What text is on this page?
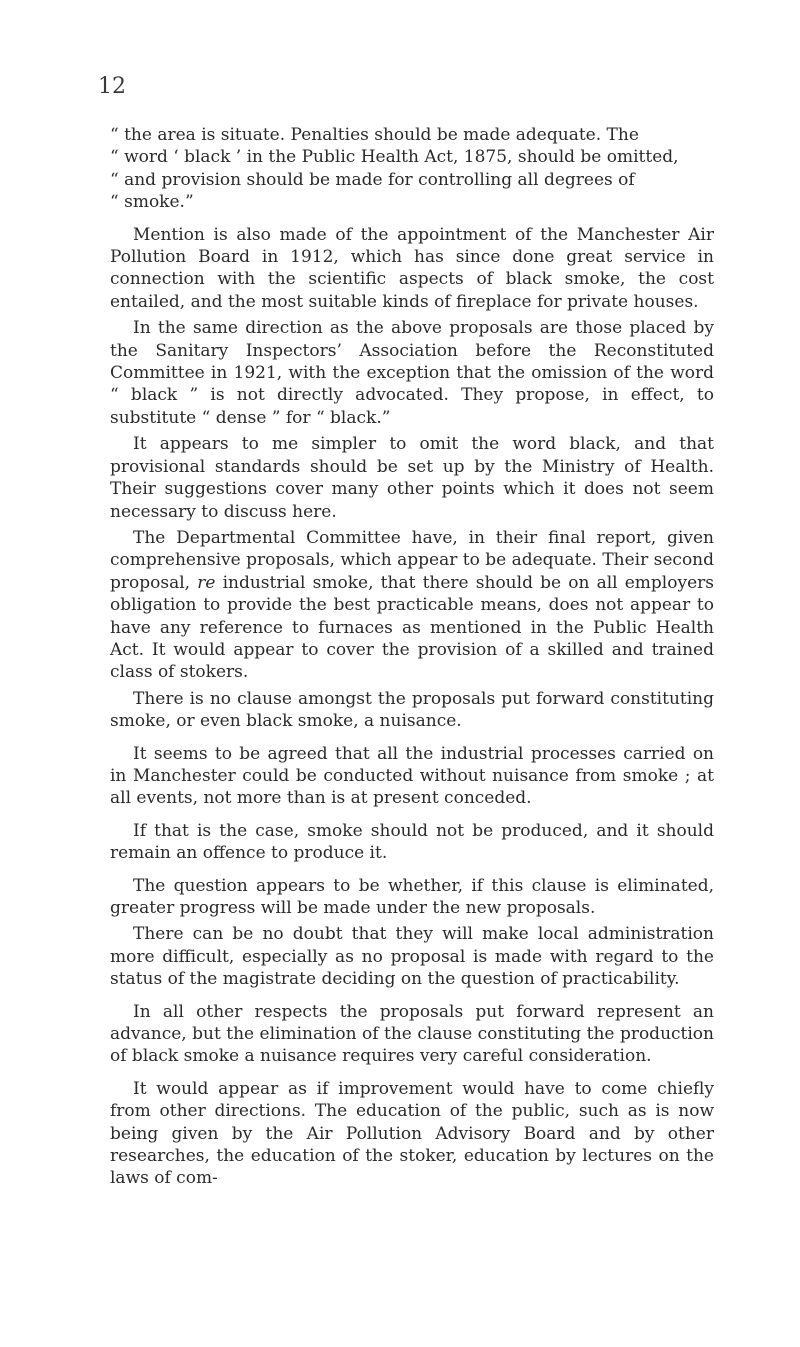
12

“ the area is situate. Penalties should be made adequate. The

“ word ‘ black ’ in the Public Health Act, 1875, should be omitted,

“ and provision should be made for controlling all degrees of

“ smoke.”

Mention is also made of the appointment of the Manchester Air Pollution Board in 1912, which has since done great service in connection with the scientific aspects of black smoke, the cost entailed, and the most suitable kinds of fireplace for private houses.

In the same direction as the above proposals are those placed by the Sanitary Inspectors’ Association before the Reconstituted Committee in 1921, with the exception that the omission of the word “ black ” is not directly advocated. They propose, in effect, to substitute “ dense ” for “ black.”

It appears to me simpler to omit the word black, and that provisional standards should be set up by the Ministry of Health. Their suggestions cover many other points which it does not seem necessary to discuss here.

The Departmental Committee have, in their final report, given comprehensive proposals, which appear to be adequate. Their second proposal, re industrial smoke, that there should be on all employers obligation to provide the best practicable means, does not appear to have any reference to furnaces as mentioned in the Public Health Act. It would appear to cover the provision of a skilled and trained class of stokers.

There is no clause amongst the proposals put forward constituting smoke, or even black smoke, a nuisance.

It seems to be agreed that all the industrial processes carried on in Manchester could be conducted without nuisance from smoke ; at all events, not more than is at present conceded.

If that is the case, smoke should not be produced, and it should remain an offence to produce it.

The question appears to be whether, if this clause is eliminated, greater progress will be made under the new proposals.

There can be no doubt that they will make local administration more difficult, especially as no proposal is made with regard to the status of the magistrate deciding on the question of practicability.

In all other respects the proposals put forward represent an advance, but the elimination of the clause constituting the production of black smoke a nuisance requires very careful consideration.

It would appear as if improvement would have to come chiefly from other directions. The education of the public, such as is now being given by the Air Pollution Advisory Board and by other researches, the education of the stoker, education by lectures on the laws of com-
